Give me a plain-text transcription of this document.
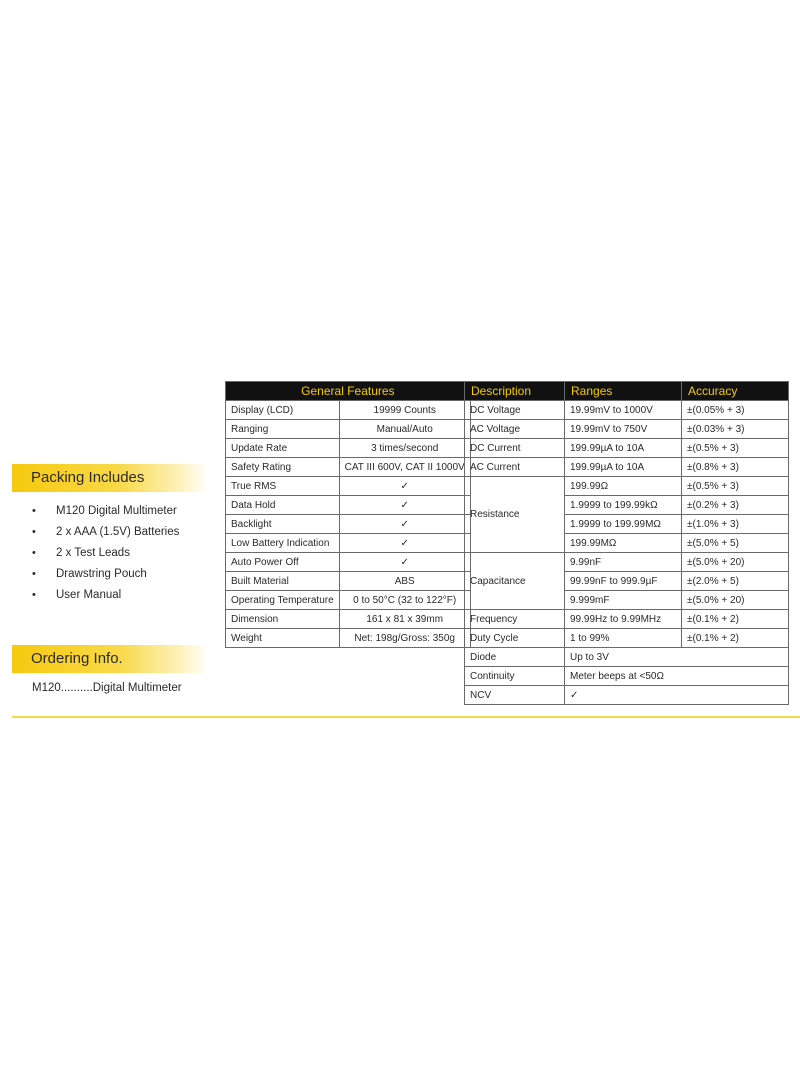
Packing Includes
• M120 Digital Multimeter
• 2 x AAA (1.5V) Batteries
• 2 x Test Leads
• Drawstring Pouch
• User Manual
Ordering Info.
M120..........Digital Multimeter
General Features	
Display (LCD)	19999 Counts
Ranging	Manual/Auto
Update Rate	3 times/second
Safety Rating	CAT III 600V, CAT II 1000V
True RMS	✓
Data Hold	✓
Backlight	✓
Low Battery Indication	✓
Auto Power Off	✓
Built Material	ABS
Operating Temperature	0 to 50°C (32 to 122°F)
Dimension	161 x 81 x 39mm
Weight	Net: 198g/Gross: 350g
Description	Ranges	Accuracy
DC Voltage	19.99mV to 1000V	±(0.05% + 3)
AC Voltage	19.99mV to 750V	±(0.03% + 3)
DC Current	199.99µA to 10A	±(0.5% + 3)
AC Current	199.99µA to 10A	±(0.8% + 3)
Resistance	199.99Ω	±(0.5% + 3)
	1.9999 to 199.99kΩ	±(0.2% + 3)
	1.9999 to 199.99MΩ	±(1.0% + 3)
	199.99MΩ	±(5.0% + 5)
Capacitance	9.99nF	±(5.0% + 20)
	99.99nF to 999.9µF	±(2.0% + 5)
	9.999mF	±(5.0% + 20)
Frequency	99.99Hz to 9.99MHz	±(0.1% + 2)
Duty Cycle	1 to 99%	±(0.1% + 2)
Diode	Up to 3V	
Continuity	Meter beeps at <50Ω	
NCV	✓	
